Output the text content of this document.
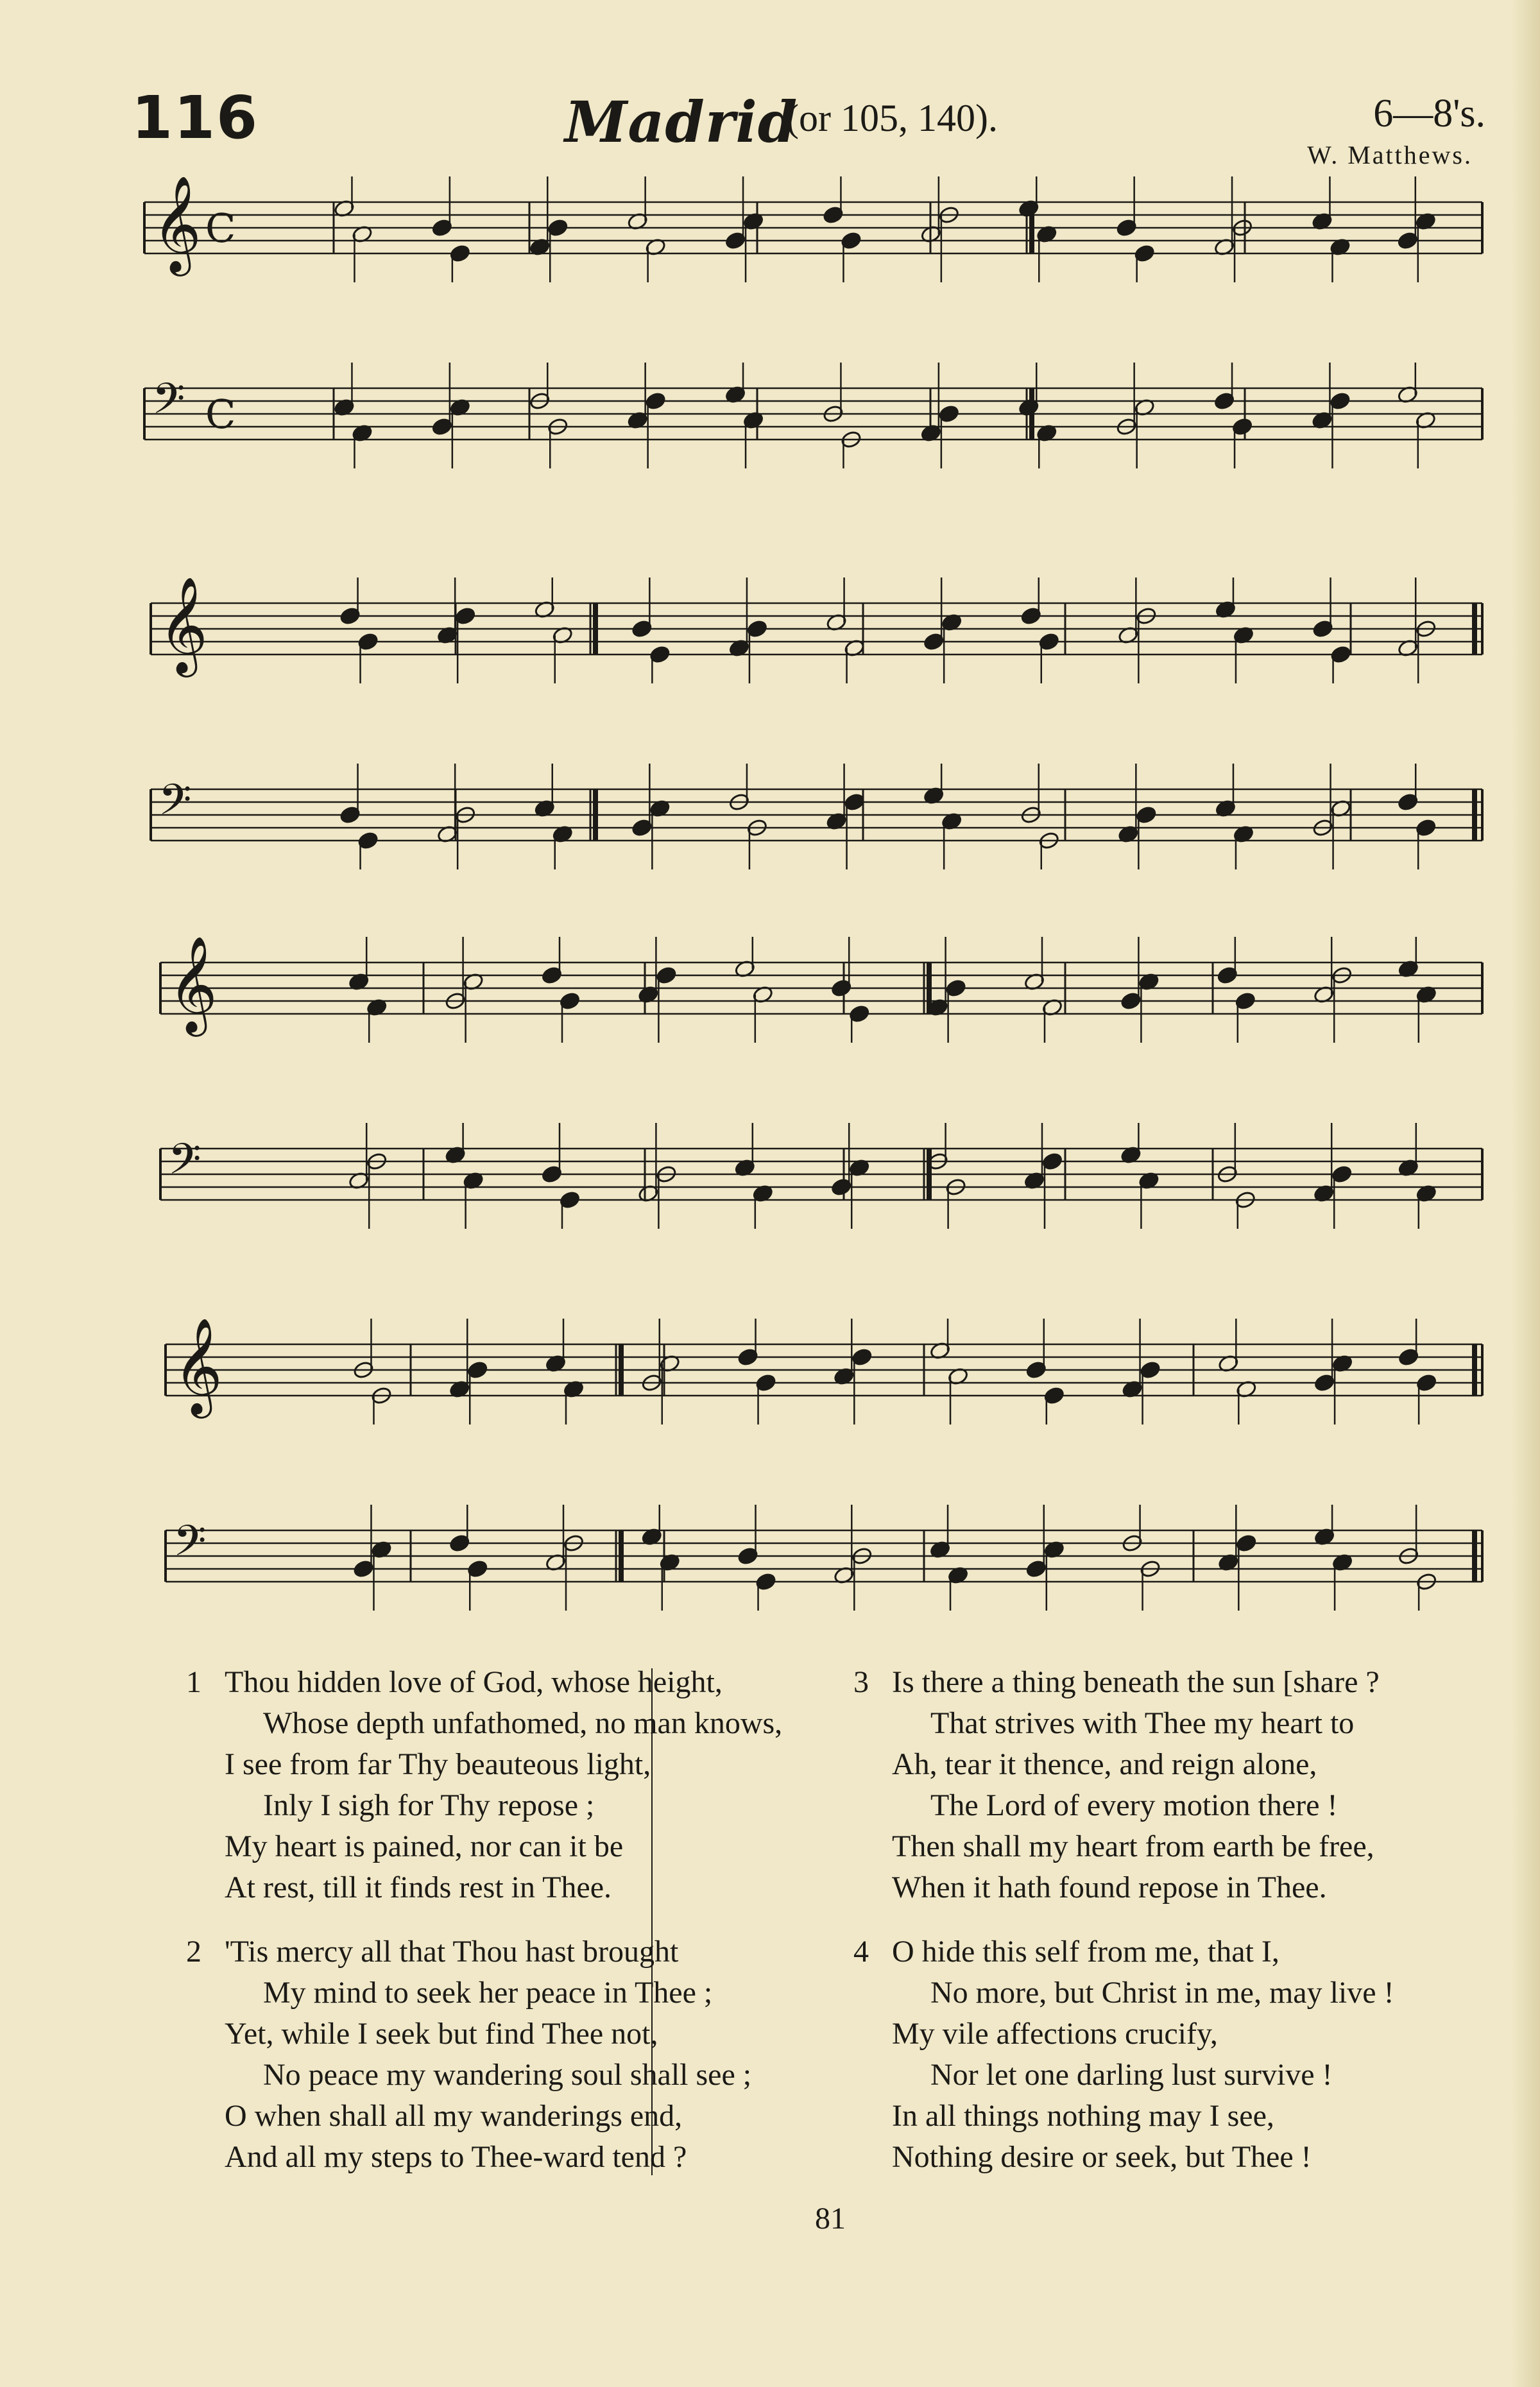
116	Madrid
(or 105, 140).	6—8's.
W. Matthews.
𝄞 C
𝄢 C
𝄞
𝄢
𝄞
𝄢
𝄞
𝄢
1 Thou hidden love of God, whose height,
Whose depth unfathomed, no man knows,
I see from far Thy beauteous light,
Inly I sigh for Thy repose ;
My heart is pained, nor can it be
At rest, till it finds rest in Thee.
2 'Tis mercy all that Thou hast brought
My mind to seek her peace in Thee ;
Yet, while I seek but find Thee not,
No peace my wandering soul shall see ;
O when shall all my wanderings end,
And all my steps to Thee-ward tend ?
3 Is there a thing beneath the sun [share ?
That strives with Thee my heart to
Ah, tear it thence, and reign alone,
The Lord of every motion there !
Then shall my heart from earth be free,
When it hath found repose in Thee.
4 O hide this self from me, that I,
No more, but Christ in me, may live !
My vile affections crucify,
Nor let one darling lust survive !
In all things nothing may I see,
Nothing desire or seek, but Thee !
81
